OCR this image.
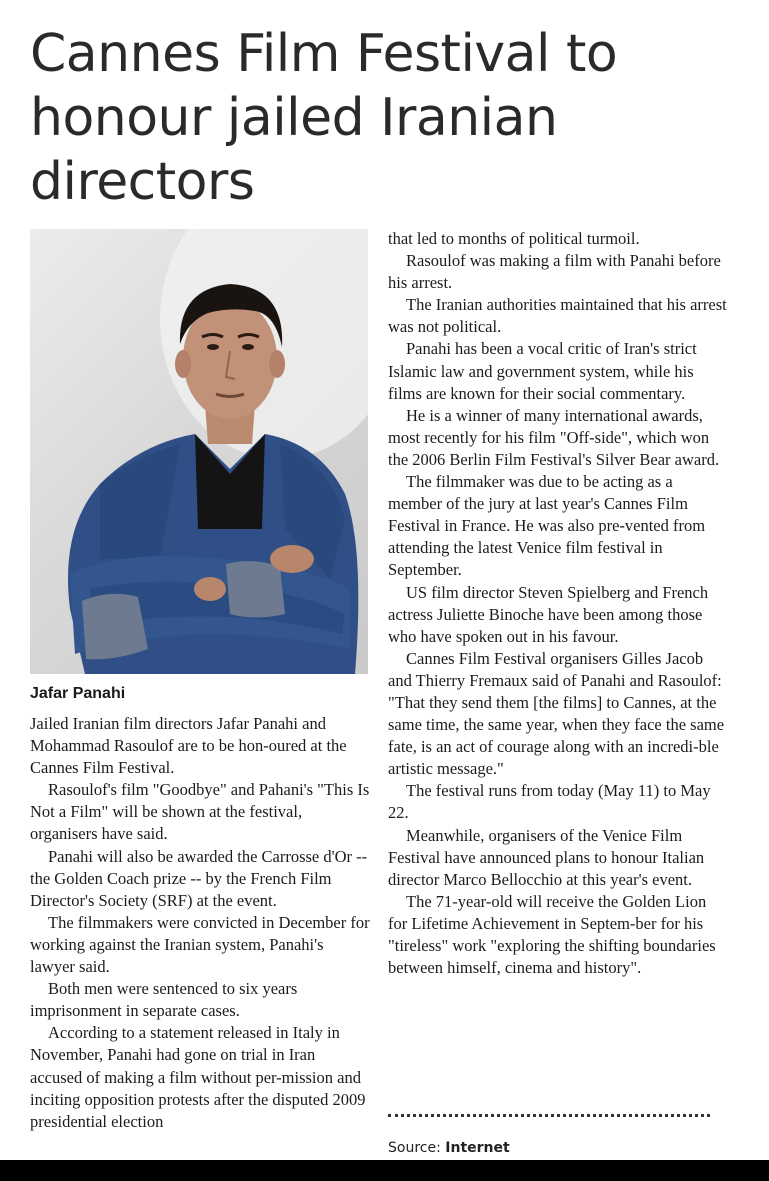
Cannes Film Festival to honour jailed Iranian directors

Jafar Panahi

Jailed Iranian film directors Jafar Panahi and Mohammad Rasoulof are to be hon-oured at the Cannes Film Festival.

Rasoulof's film "Goodbye" and Pahani's "This Is Not a Film" will be shown at the festival, organisers have said.

Panahi will also be awarded the Carrosse d'Or -- the Golden Coach prize -- by the French Film Director's Society (SRF) at the event.

The filmmakers were convicted in December for working against the Iranian system, Panahi's lawyer said.

Both men were sentenced to six years imprisonment in separate cases.

According to a statement released in Italy in November, Panahi had gone on trial in Iran accused of making a film without per-mission and inciting opposition protests after the disputed 2009 presidential election

that led to months of political turmoil.

Rasoulof was making a film with Panahi before his arrest.

The Iranian authorities maintained that his arrest was not political.

Panahi has been a vocal critic of Iran's strict Islamic law and government system, while his films are known for their social commentary.

He is a winner of many international awards, most recently for his film "Off-side", which won the 2006 Berlin Film Festival's Silver Bear award.

The filmmaker was due to be acting as a member of the jury at last year's Cannes Film Festival in France. He was also pre-vented from attending the latest Venice film festival in September.

US film director Steven Spielberg and French actress Juliette Binoche have been among those who have spoken out in his favour.

Cannes Film Festival organisers Gilles Jacob and Thierry Fremaux said of Panahi and Rasoulof: "That they send them [the films] to Cannes, at the same time, the same year, when they face the same fate, is an act of courage along with an incredi-ble artistic message."

The festival runs from today (May 11) to May 22.

Meanwhile, organisers of the Venice Film Festival have announced plans to honour Italian director Marco Bellocchio at this year's event.

The 71-year-old will receive the Golden Lion for Lifetime Achievement in Septem-ber for his "tireless" work "exploring the shifting boundaries between himself, cinema and history".

Source: Internet
